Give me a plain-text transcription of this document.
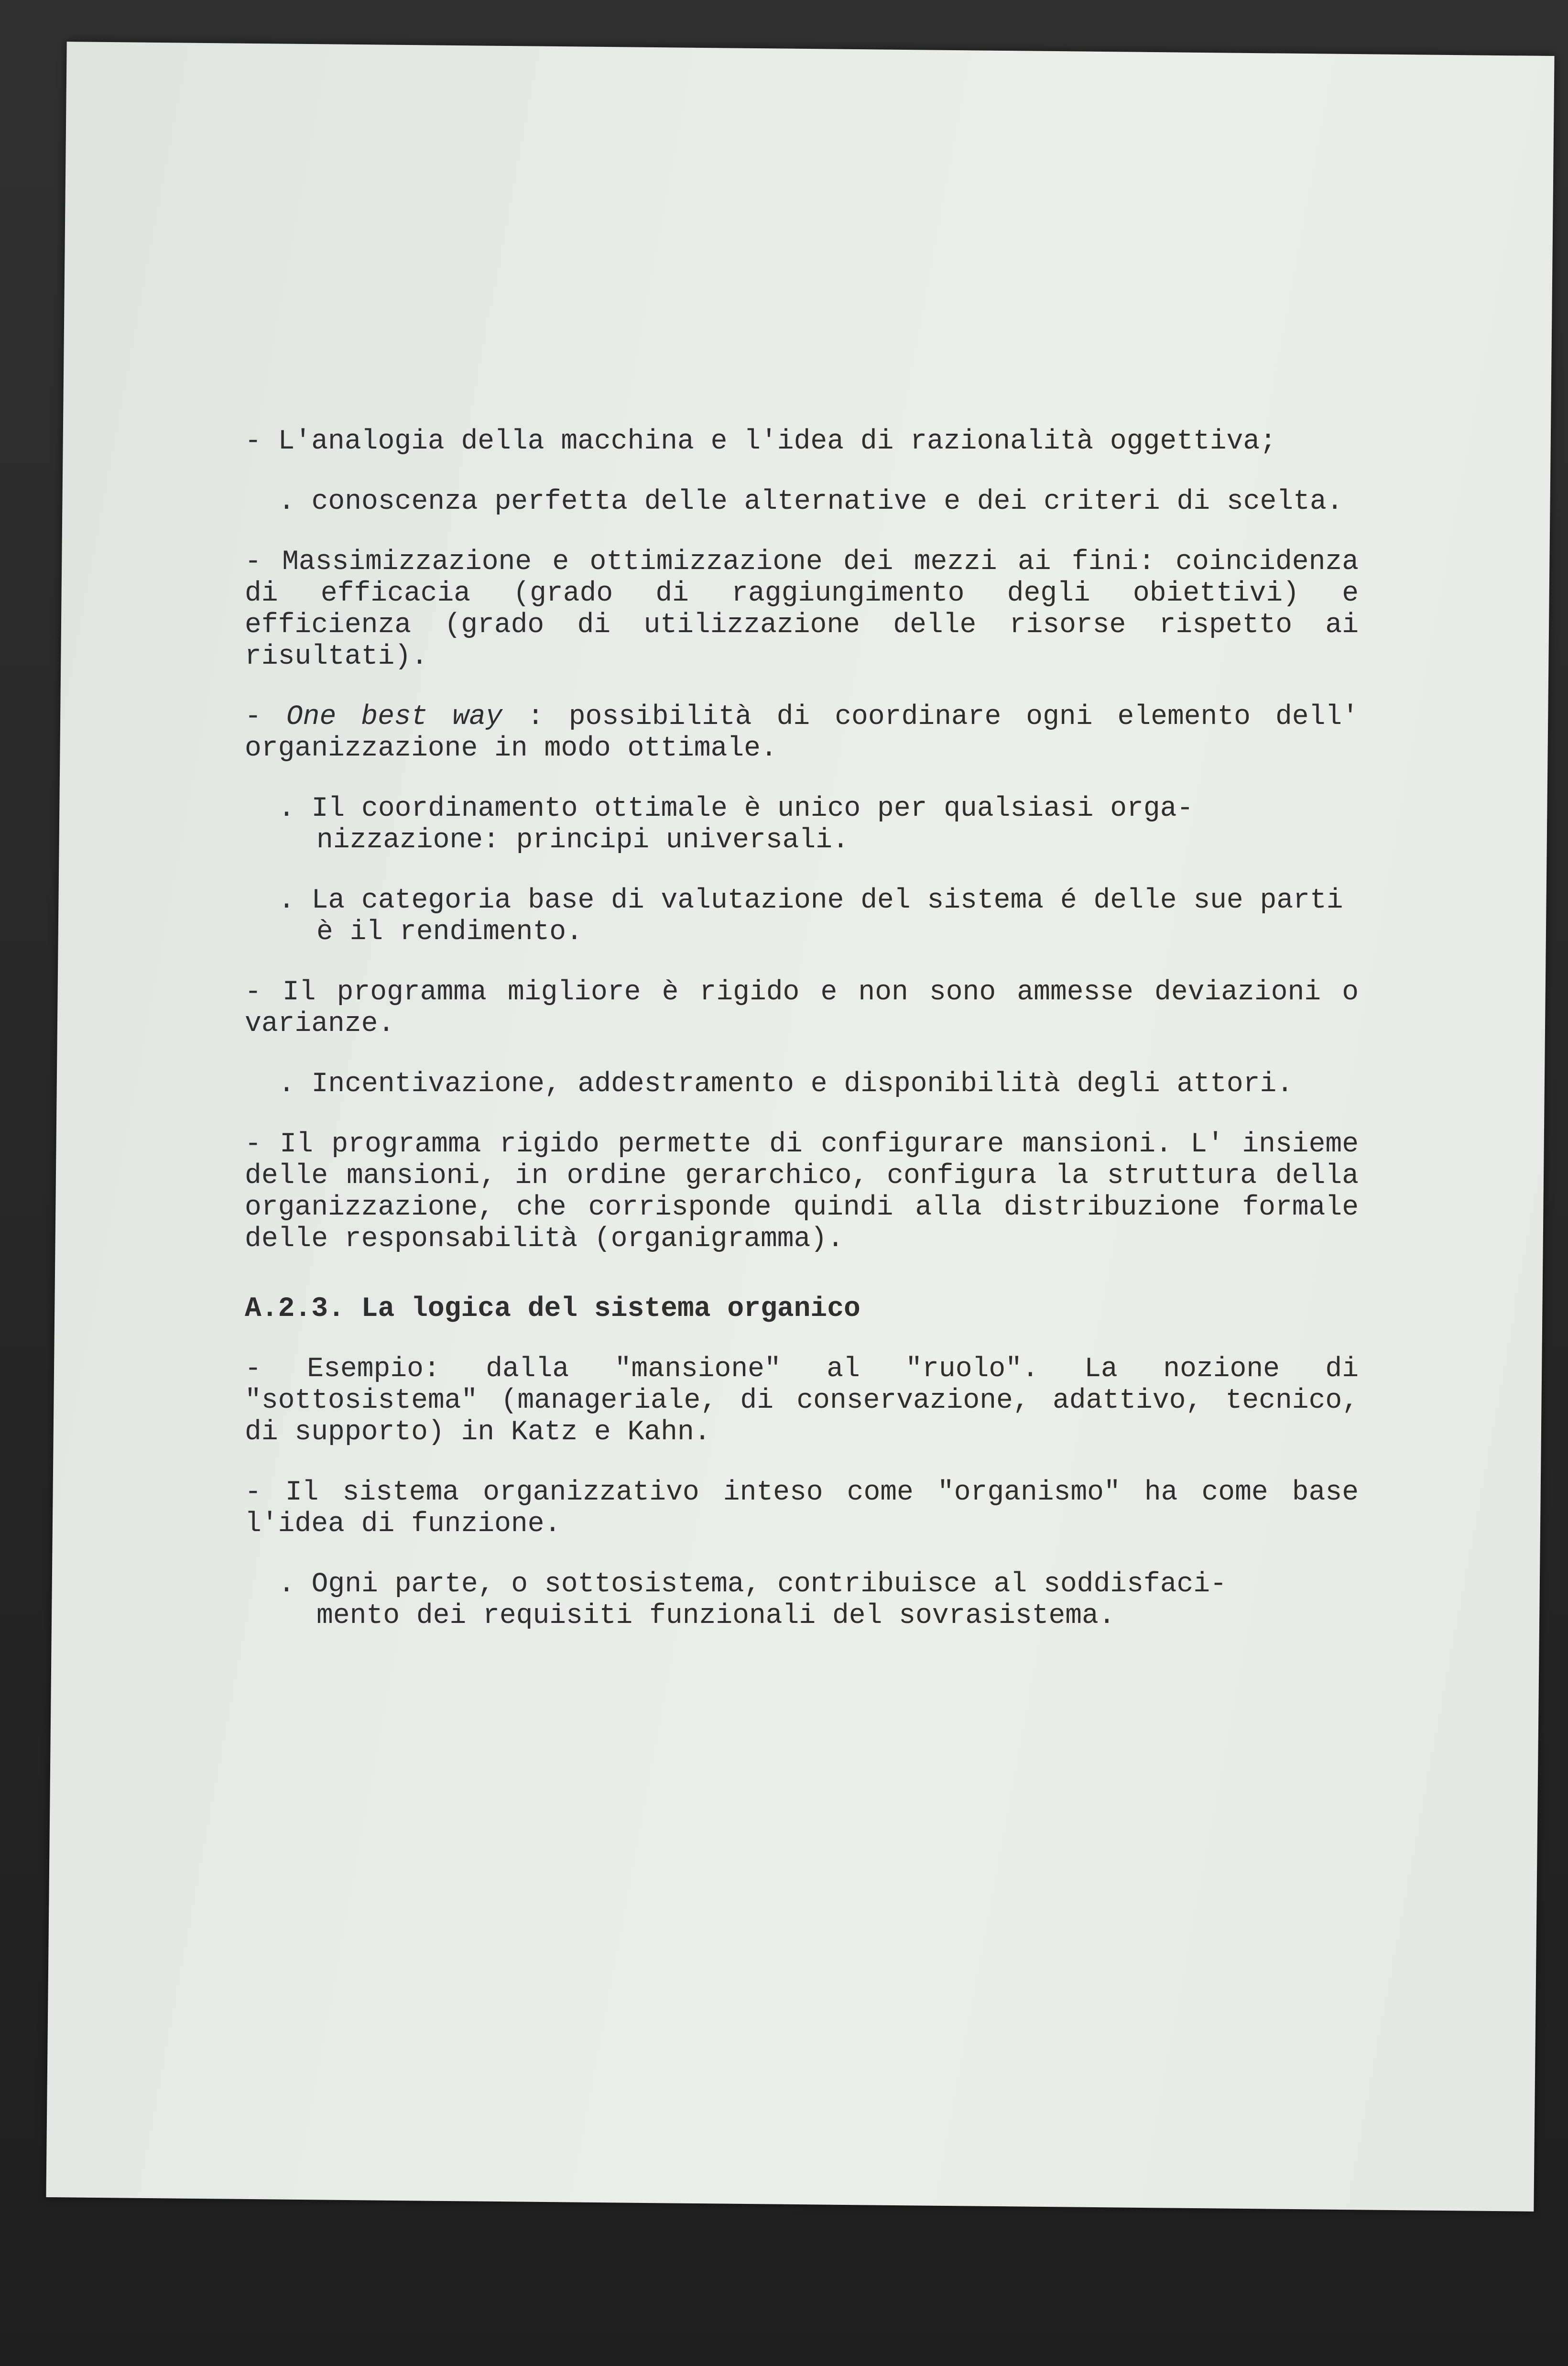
- L'analogia della macchina e l'idea di razionalità oggettiva;

. conoscenza perfetta delle alternative e dei criteri di scelta.

- Massimizzazione e ottimizzazione dei mezzi ai fini: coincidenza di efficacia (grado di raggiungimento degli obiettivi) e efficienza (grado di utilizzazione delle risorse rispetto ai risultati).

- One best way : possibilità di coordinare ogni elemento dell' organizzazione in modo ottimale.

. Il coordinamento ottimale è unico per qualsiasi orga-
nizzazione: principi universali.

. La categoria base di valutazione del sistema é delle sue parti è il rendimento.

- Il programma migliore è rigido e non sono ammesse deviazioni o varianze.

. Incentivazione, addestramento e disponibilità degli attori.

- Il programma rigido permette di configurare mansioni. L' insieme delle mansioni, in ordine gerarchico, configura la struttura della organizzazione, che corrisponde quindi alla distribuzione formale delle responsabilità (organigramma).

A.2.3. La logica del sistema organico

- Esempio: dalla "mansione" al "ruolo". La nozione di "sottosistema" (manageriale, di conservazione, adattivo, tecnico, di supporto) in Katz e Kahn.

- Il sistema organizzativo inteso come "organismo" ha come base l'idea di funzione.

. Ogni parte, o sottosistema, contribuisce al soddisfaci-
mento dei requisiti funzionali del sovrasistema.
